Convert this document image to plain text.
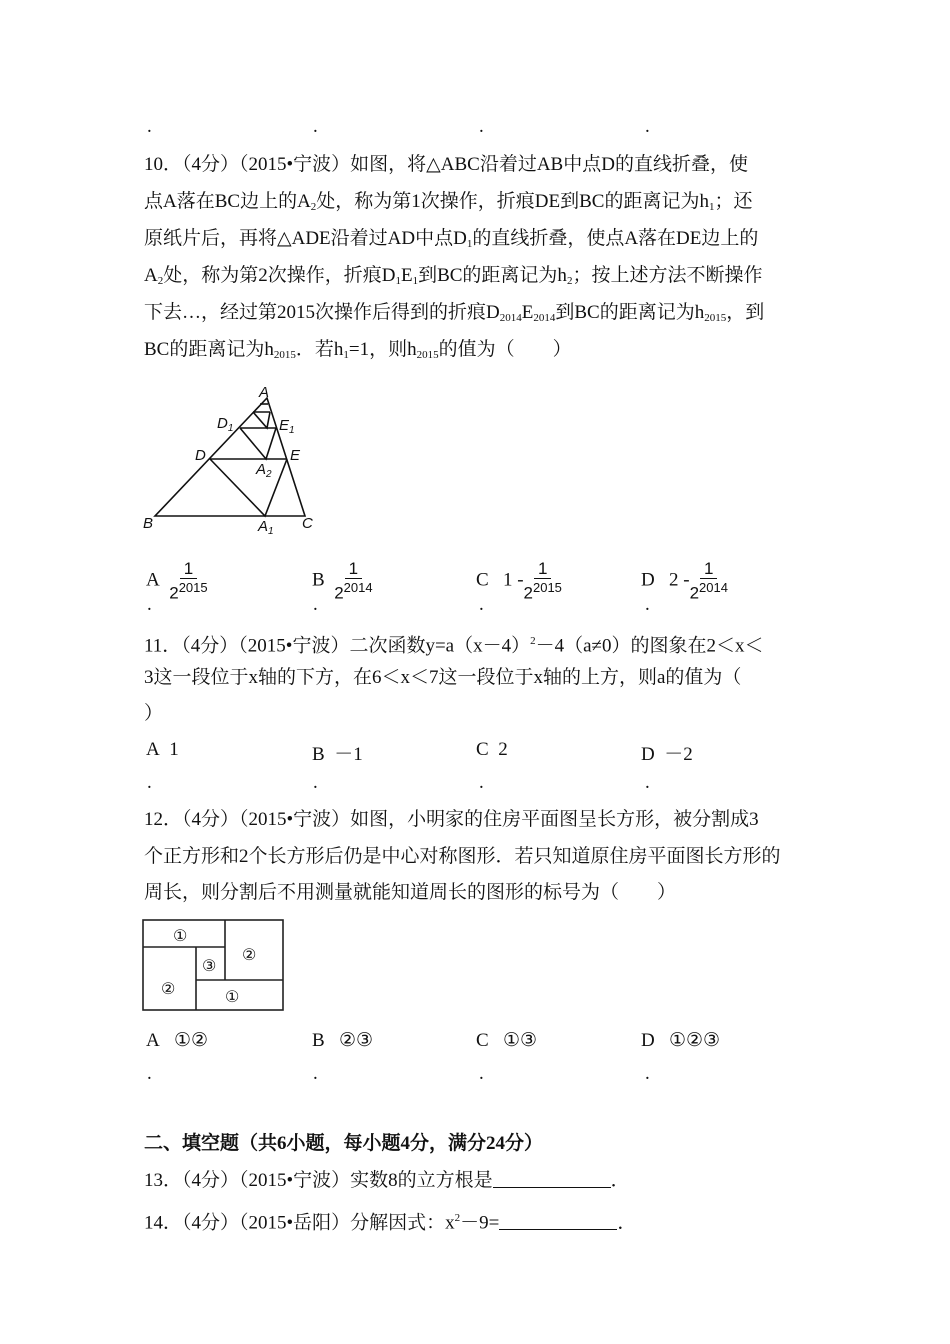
.	.	.	.
10．（4分）（2015•宁波）如图，将△ABC沿着过AB中点D的直线折叠，使
点A落在BC边上的$A_2$处，称为第1次操作，折痕DE到BC的距离记为$h_1$；还
原纸片后，再将△ADE沿着过AD中点$D_1$的直线折叠，使点A落在DE边上的
$A_2$处，称为第2次操作，折痕$D_1E_1$到BC的距离记为$h_2$；按上述方法不断操作
下去…，经过第2015次操作后得到的折痕$D_{2014}E_{2014}$到BC的距离记为$h_{2015}$，到
BC的距离记为$h_{2015}$．若$h_1=1$，则$h_{2015}$的值为（　　）
A
B	C
D	E
$D_1$	$E_1$
$A_2$
$A_1$
①
②
③
②	①
A $\frac{1}{2^{2015}}$	B $\frac{1}{2^{2014}}$	C $1 - \frac{1}{2^{2015}}$	D $2 - \frac{1}{2^{2014}}$
.	.	.	.
11．（4分）（2015•宁波）二次函数$y=a(x-4)^2-4(a\ne 0)$的图象在2＜x＜
3这一段位于x轴的下方，在6＜x＜7这一段位于x轴的上方，则a的值为（
）
A 1	B －1	C 2	D －2
.	.	.	.
12．（4分）（2015•宁波）如图，小明家的住房平面图呈长方形，被分割成3
个正方形和2个长方形后仍是中心对称图形．若只知道原住房平面图长方形的
周长，则分割后不用测量就能知道周长的图形的标号为（　　）
A ①②	B ②③	C ①③	D ①②③
.	.	.	.
二、填空题（共6小题，每小题4分，满分24分）
13．（4分）（2015•宁波）实数8的立方根是	．
14．（4分）（2015•岳阳）分解因式：$x^2-9=$	．
